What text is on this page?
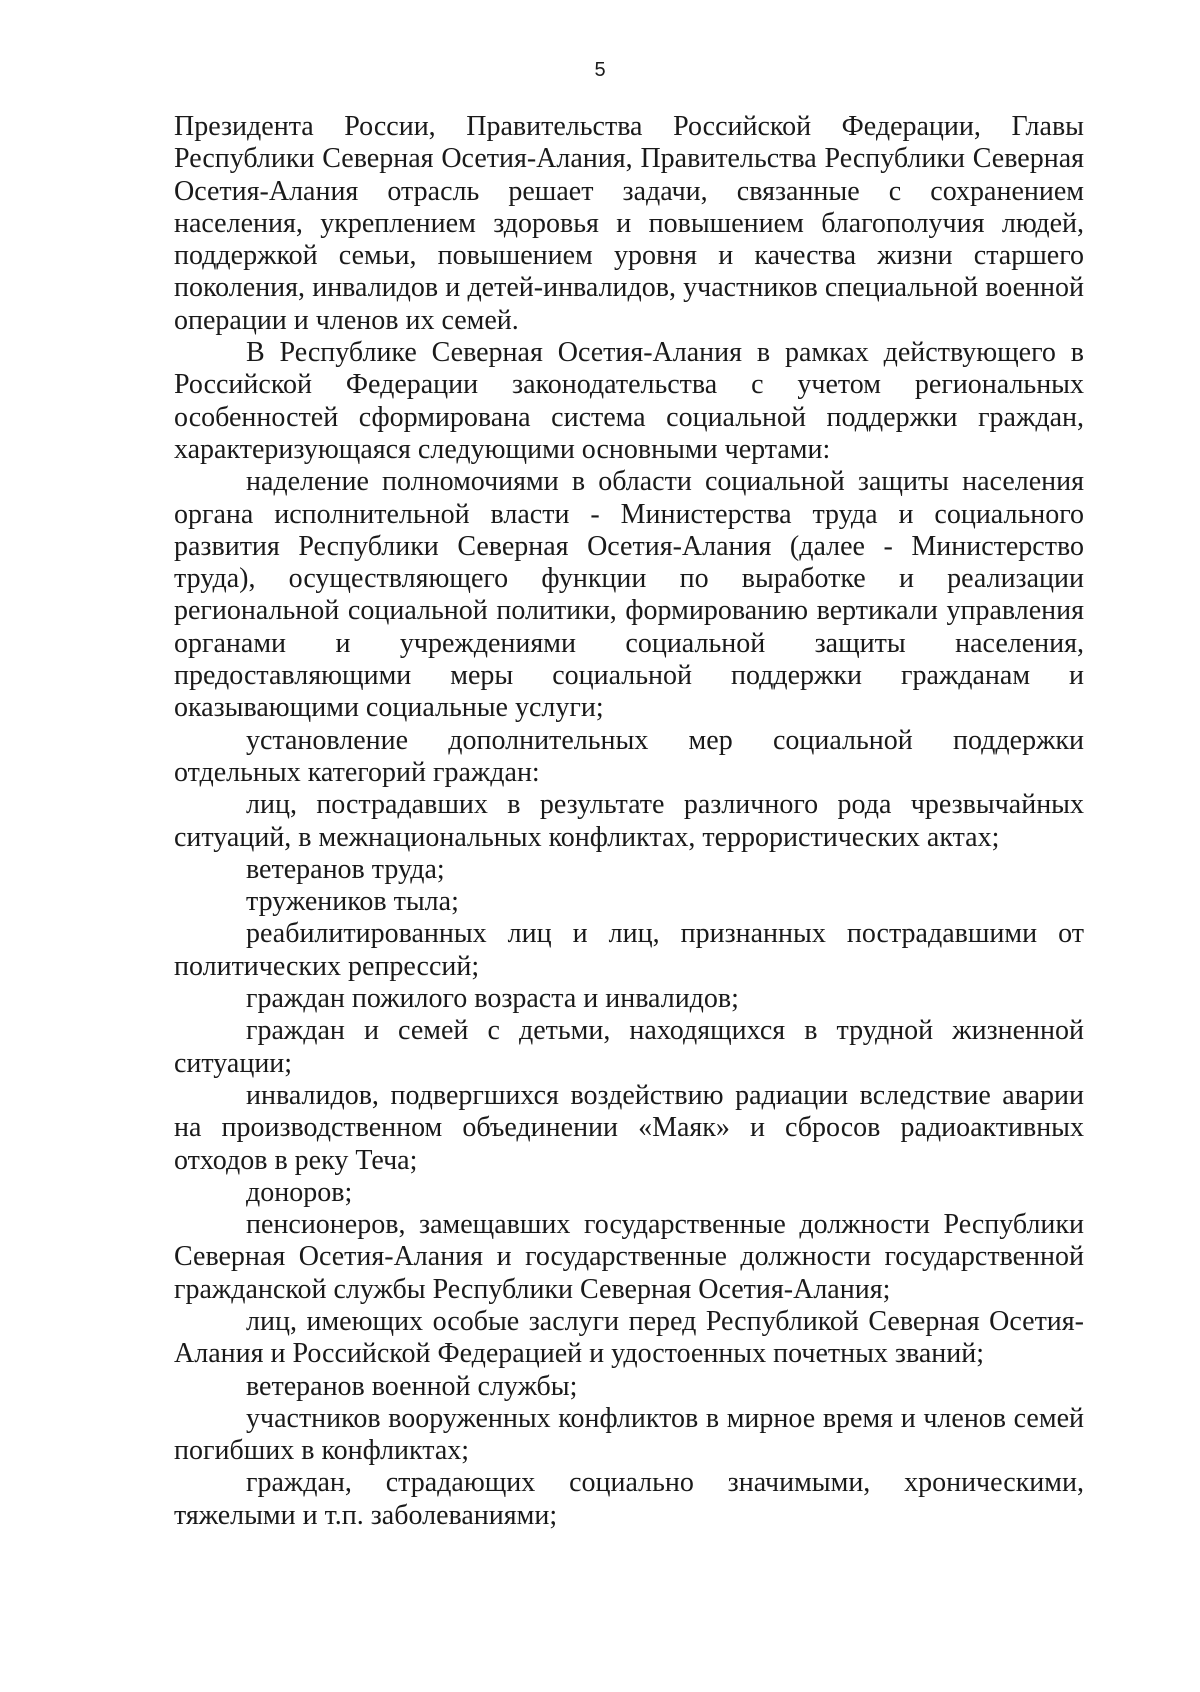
5

Президента России, Правительства Российской Федерации, Главы Республики Северная Осетия-Алания, Правительства Республики Северная Осетия-Алания отрасль решает задачи, связанные с сохранением населения, укреплением здоровья и повышением благополучия людей, поддержкой семьи, повышением уровня и качества жизни старшего поколения, инвалидов и детей-инвалидов, участников специальной военной операции и членов их семей.

В Республике Северная Осетия-Алания в рамках действующего в Российской Федерации законодательства с учетом региональных особенностей сформирована система социальной поддержки граждан, характеризующаяся следующими основными чертами:

наделение полномочиями в области социальной защиты населения органа исполнительной власти - Министерства труда и социального развития Республики Северная Осетия-Алания (далее - Министерство труда), осуществляющего функции по выработке и реализации региональной социальной политики, формированию вертикали управления органами и учреждениями социальной защиты населения, предоставляющими меры социальной поддержки гражданам и оказывающими социальные услуги;

установление дополнительных мер социальной поддержки отдельных категорий граждан:

лиц, пострадавших в результате различного рода чрезвычайных ситуаций, в межнациональных конфликтах, террористических актах;

ветеранов труда;

тружеников тыла;

реабилитированных лиц и лиц, признанных пострадавшими от политических репрессий;

граждан пожилого возраста и инвалидов;

граждан и семей с детьми, находящихся в трудной жизненной ситуации;

инвалидов, подвергшихся воздействию радиации вследствие аварии на производственном объединении «Маяк» и сбросов радиоактивных отходов в реку Теча;

доноров;

пенсионеров, замещавших государственные должности Республики Северная Осетия-Алания и государственные должности государственной гражданской службы Республики Северная Осетия-Алания;

лиц, имеющих особые заслуги перед Республикой Северная Осетия-Алания и Российской Федерацией и удостоенных почетных званий;

ветеранов военной службы;

участников вооруженных конфликтов в мирное время и членов семей погибших в конфликтах;

граждан, страдающих социально значимыми, хроническими, тяжелыми и т.п. заболеваниями;
